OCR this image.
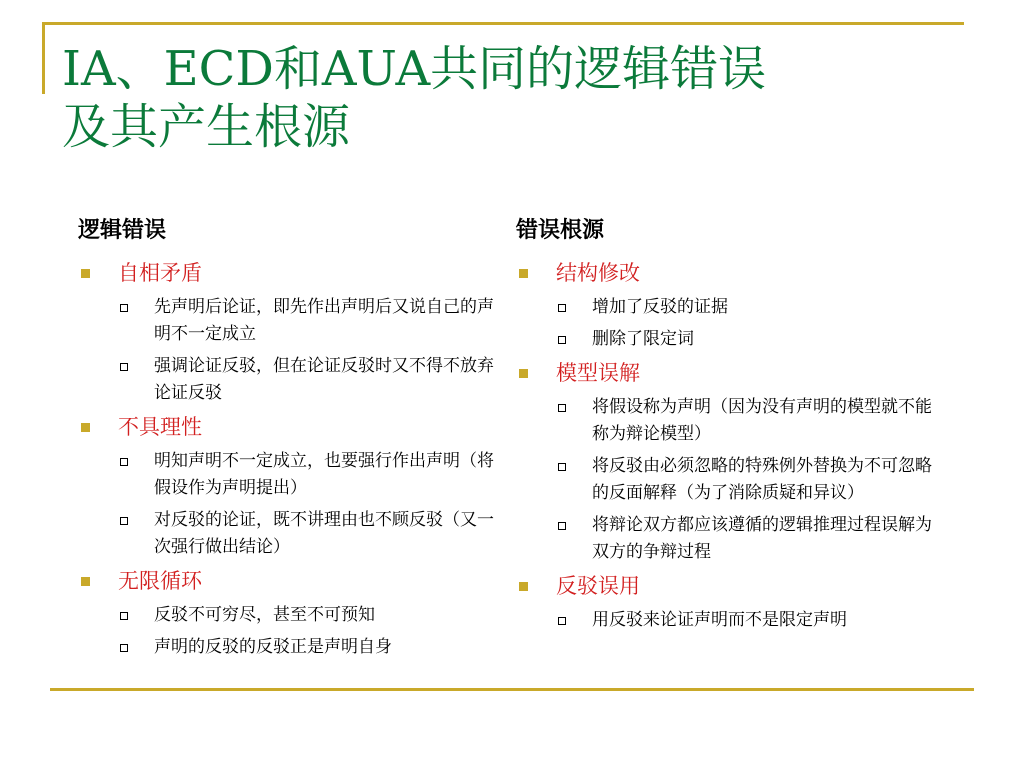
IA、ECD和AUA共同的逻辑错误
及其产生根源
逻辑错误	错误根源
自相矛盾
先声明后论证，即先作出声明后又说自己的声明不一定成立
强调论证反驳，但在论证反驳时又不得不放弃论证反驳
不具理性
明知声明不一定成立，也要强行作出声明（将假设作为声明提出）
对反驳的论证，既不讲理由也不顾反驳（又一次强行做出结论）
无限循环
反驳不可穷尽，甚至不可预知
声明的反驳的反驳正是声明自身
结构修改
增加了反驳的证据
删除了限定词
模型误解
将假设称为声明（因为没有声明的模型就不能称为辩论模型）
将反驳由必须忽略的特殊例外替换为不可忽略的反面解释（为了消除质疑和异议）
将辩论双方都应该遵循的逻辑推理过程误解为双方的争辩过程
反驳误用
用反驳来论证声明而不是限定声明
